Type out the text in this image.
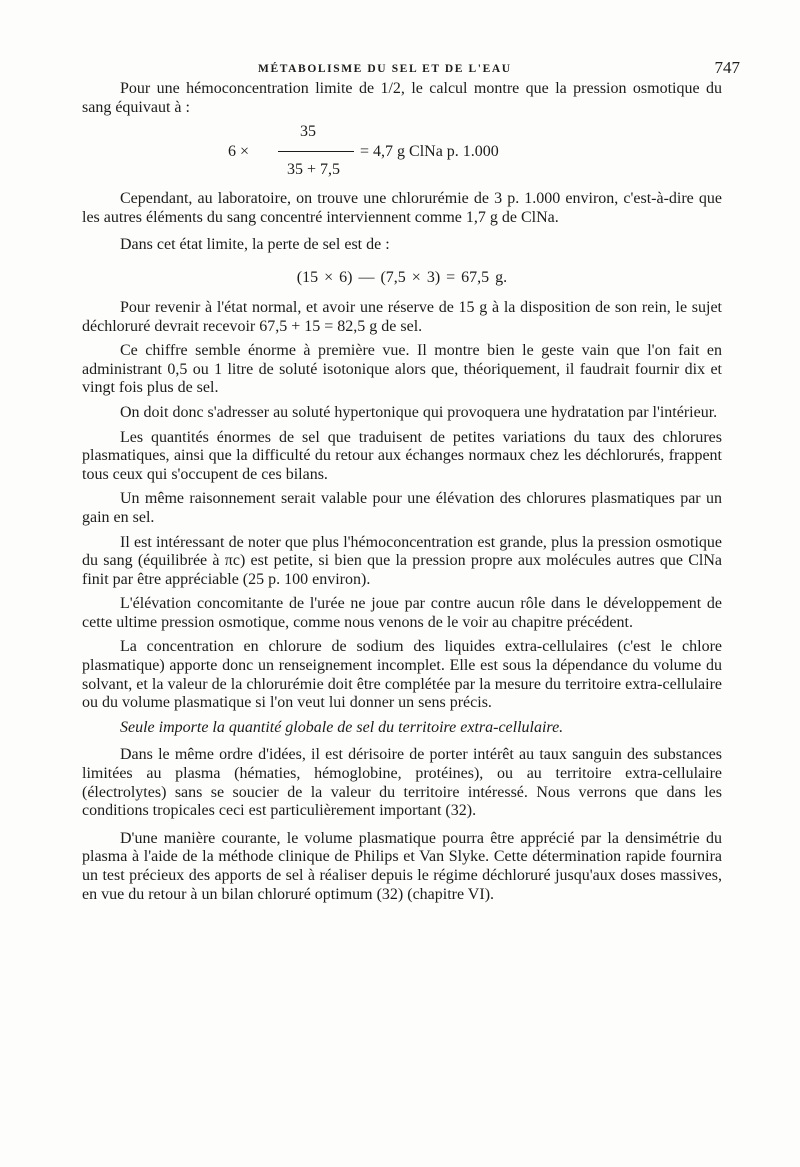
MÉTABOLISME DU SEL ET DE L'EAU	747

Pour une hémoconcentration limite de 1/2, le calcul montre que la pression osmotique du sang équivaut à :

6 ×
35
= 4,7 g ClNa p. 1.000
35 + 7,5

Cependant, au laboratoire, on trouve une chlorurémie de 3 p. 1.000 environ, c'est-à-dire que les autres éléments du sang concentré interviennent comme 1,7 g de ClNa.

Dans cet état limite, la perte de sel est de :

(15 × 6) — (7,5 × 3) = 67,5 g.

Pour revenir à l'état normal, et avoir une réserve de 15 g à la disposition de son rein, le sujet déchloruré devrait recevoir 67,5 + 15 = 82,5 g de sel.

Ce chiffre semble énorme à première vue. Il montre bien le geste vain que l'on fait en administrant 0,5 ou 1 litre de soluté isotonique alors que, théoriquement, il faudrait fournir dix et vingt fois plus de sel.

On doit donc s'adresser au soluté hypertonique qui provoquera une hydratation par l'intérieur.

Les quantités énormes de sel que traduisent de petites variations du taux des chlorures plasmatiques, ainsi que la difficulté du retour aux échanges normaux chez les déchlorurés, frappent tous ceux qui s'occupent de ces bilans.

Un même raisonnement serait valable pour une élévation des chlorures plasmatiques par un gain en sel.

Il est intéressant de noter que plus l'hémoconcentration est grande, plus la pression osmotique du sang (équilibrée à πc) est petite, si bien que la pression propre aux molécules autres que ClNa finit par être appréciable (25 p. 100 environ).

L'élévation concomitante de l'urée ne joue par contre aucun rôle dans le développement de cette ultime pression osmotique, comme nous venons de le voir au chapitre précédent.

La concentration en chlorure de sodium des liquides extra-cellulaires (c'est le chlore plasmatique) apporte donc un renseignement incomplet. Elle est sous la dépendance du volume du solvant, et la valeur de la chlorurémie doit être complétée par la mesure du territoire extra-cellulaire ou du volume plasmatique si l'on veut lui donner un sens précis.

Seule importe la quantité globale de sel du territoire extra-cellulaire.

Dans le même ordre d'idées, il est dérisoire de porter intérêt au taux sanguin des substances limitées au plasma (hématies, hémoglobine, protéines), ou au territoire extra-cellulaire (électrolytes) sans se soucier de la valeur du territoire intéressé. Nous verrons que dans les conditions tropicales ceci est particulièrement important (32).

D'une manière courante, le volume plasmatique pourra être apprécié par la densimétrie du plasma à l'aide de la méthode clinique de Philips et Van Slyke. Cette détermination rapide fournira un test précieux des apports de sel à réaliser depuis le régime déchloruré jusqu'aux doses massives, en vue du retour à un bilan chloruré optimum (32) (chapitre VI).
